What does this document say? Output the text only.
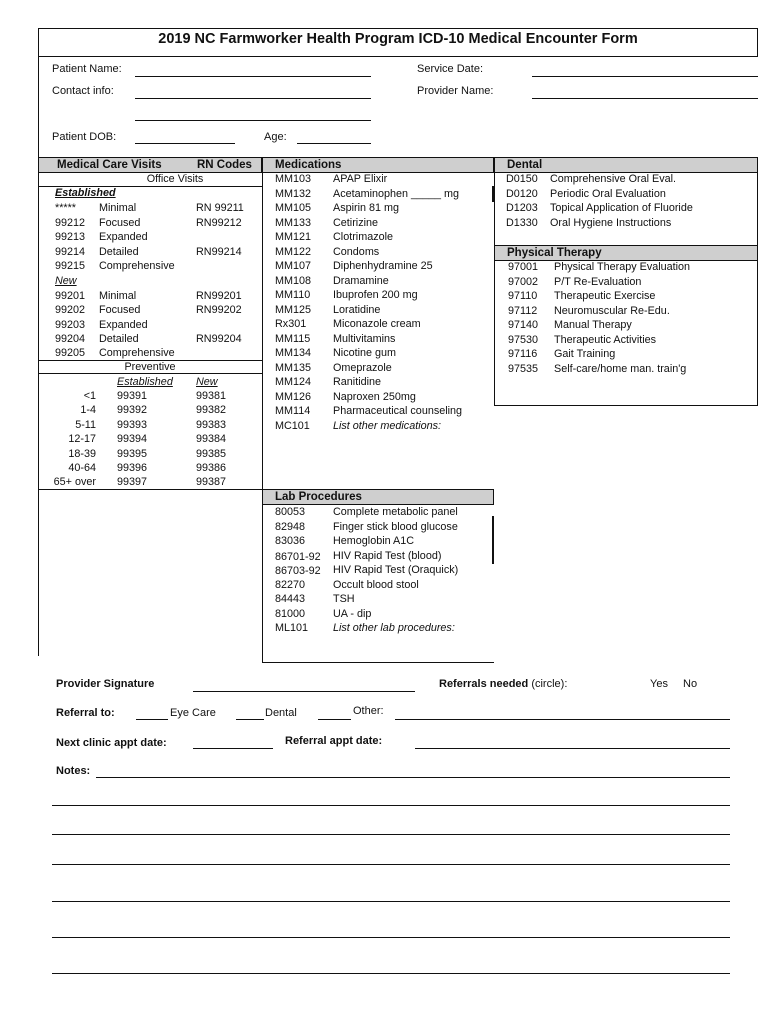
2019 NC Farmworker Health Program ICD-10 Medical Encounter Form
Patient Name:	Service Date:
Contact info:	Provider Name:
Patient DOB:	Age:
Medical Care Visits	RN Codes
Office Visits
Established
***** Minimal	RN 99211
99212 Focused	RN99212
99213 Expanded
99214 Detailed	RN99214
99215 Comprehensive
New
99201 Minimal	RN99201
99202 Focused	RN99202
99203 Expanded
99204 Detailed	RN99204
99205 Comprehensive
Preventive
Established New
<1 99391	99381
1-4 99392	99382
5-11 99393	99383
12-17 99394	99384
18-39 99395	99385
40-64 99396	99386
65+ over 99397	99387
Medications
MM103 APAP Elixir
MM132 Acetaminophen _____ mg
MM105 Aspirin 81 mg
MM133 Cetirizine
MM121 Clotrimazole
MM122 Condoms
MM107 Diphenhydramine 25
MM108 Dramamine
MM110 Ibuprofen 200 mg
MM125 Loratidine
Rx301 Miconazole cream
MM115 Multivitamins
MM134 Nicotine gum
MM135 Omeprazole
MM124 Ranitidine
MM126 Naproxen 250mg
MM114 Pharmaceutical counseling
MC101 List other medications:
Dental
D0150 Comprehensive Oral Eval.
D0120 Periodic Oral Evaluation
D1203 Topical Application of Fluoride
D1330 Oral Hygiene Instructions
Physical Therapy
97001 Physical Therapy Evaluation
97002 P/T Re-Evaluation
97110 Therapeutic Exercise
97112 Neuromuscular Re-Edu.
97140 Manual Therapy
97530 Therapeutic Activities
97116 Gait Training
97535 Self-care/home man. train'g
Lab Procedures
80053	Complete metabolic panel
82948	Finger stick blood glucose
83036	Hemoglobin A1C
86701-92 HIV Rapid Test (blood)
86703-92 HIV Rapid Test (Oraquick)
82270	Occult blood stool
84443	TSH
81000	UA - dip
ML101 List other lab procedures:
Provider Signature	Referrals needed (circle):	Yes No
Referral to:	Eye Care	Dental	Other:
Next clinic appt date:	Referral appt date:
Notes:
